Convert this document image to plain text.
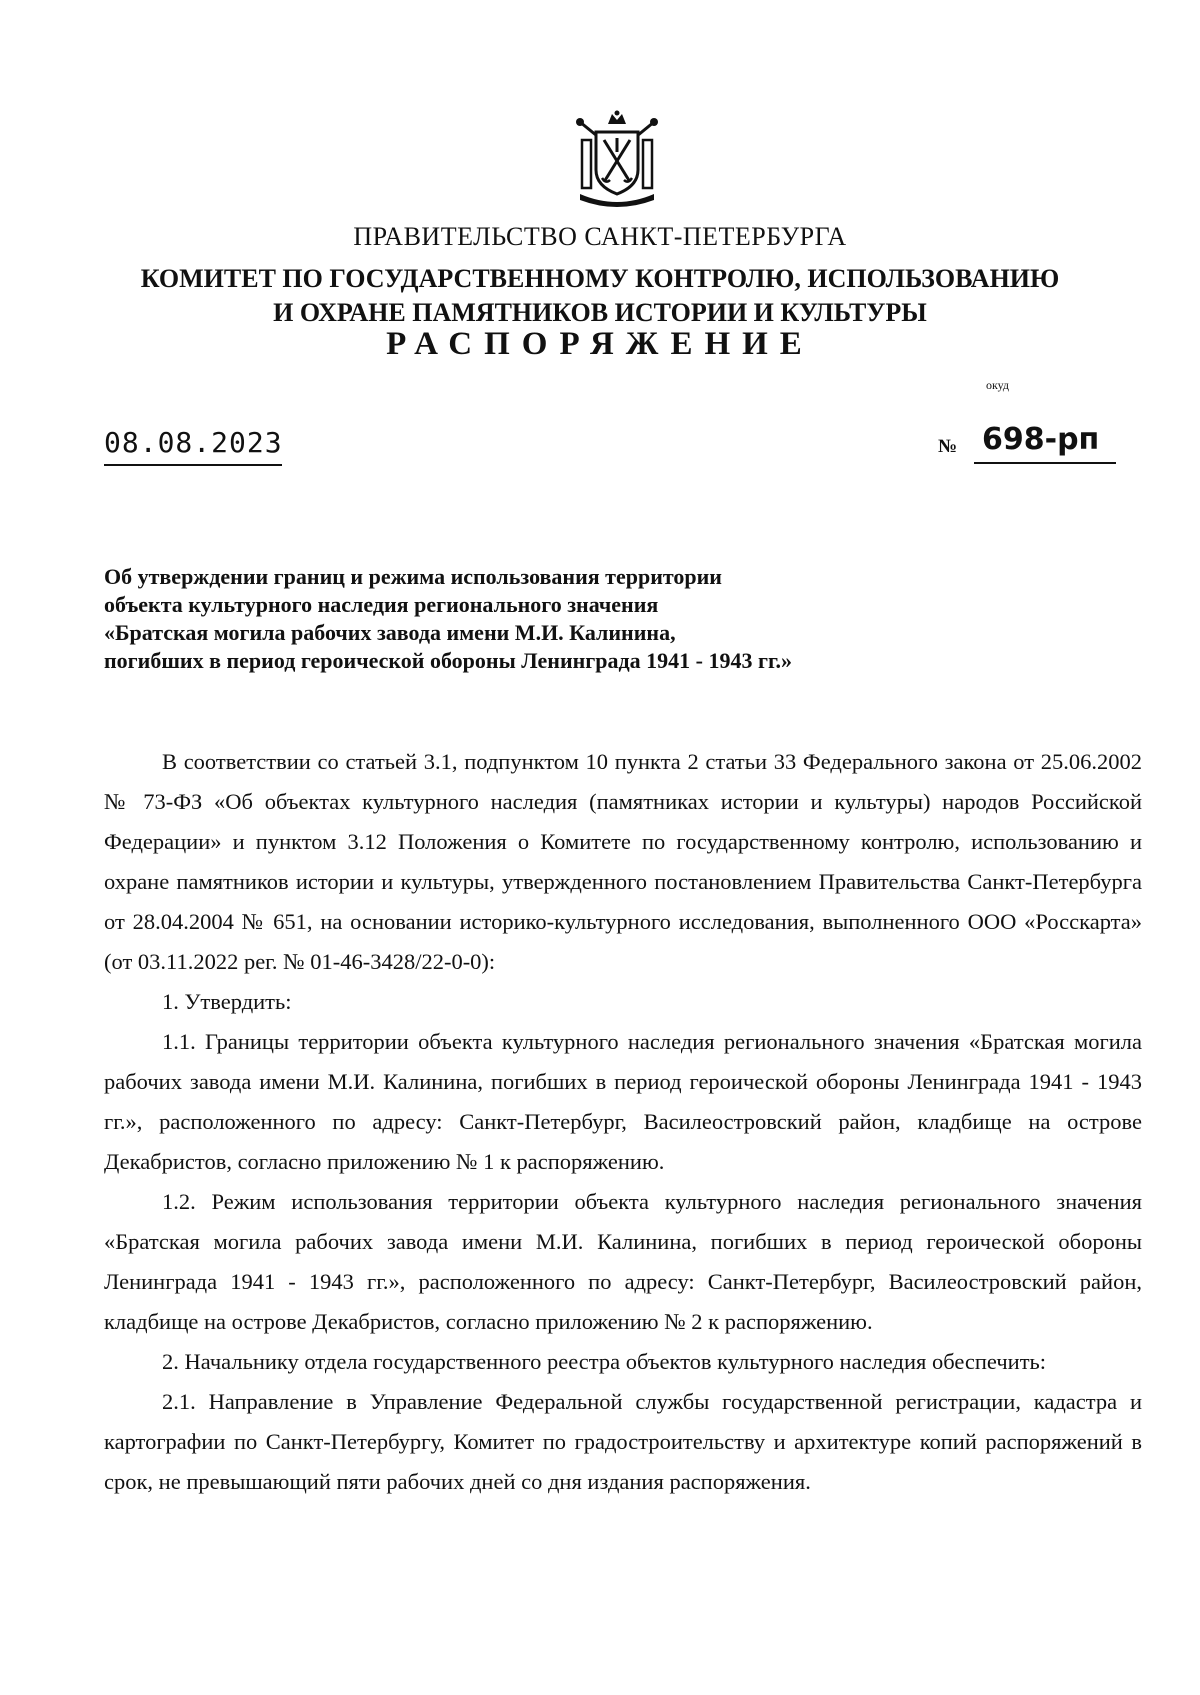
ПРАВИТЕЛЬСТВО САНКТ-ПЕТЕРБУРГА
КОМИТЕТ ПО ГОСУДАРСТВЕННОМУ КОНТРОЛЮ, ИСПОЛЬЗОВАНИЮ
И ОХРАНЕ ПАМЯТНИКОВ ИСТОРИИ И КУЛЬТУРЫ
РАСПОРЯЖЕНИЕ
окуд
08.08.2023	№ 698-рп
Об утверждении границ и режима использования территории
объекта культурного наследия регионального значения
«Братская могила рабочих завода имени М.И. Калинина,
погибших в период героической обороны Ленинграда 1941 - 1943 гг.»

В соответствии со статьей 3.1, подпунктом 10 пункта 2 статьи 33 Федерального закона от 25.06.2002 № 73-ФЗ «Об объектах культурного наследия (памятниках истории и культуры) народов Российской Федерации» и пунктом 3.12 Положения о Комитете по государственному контролю, использованию и охране памятников истории и культуры, утвержденного постановлением Правительства Санкт-Петербурга от 28.04.2004 № 651, на основании историко-культурного исследования, выполненного ООО «Росскарта» (от 03.11.2022 рег. № 01-46-3428/22-0-0):

1. Утвердить:

1.1. Границы территории объекта культурного наследия регионального значения «Братская могила рабочих завода имени М.И. Калинина, погибших в период героической обороны Ленинграда 1941 - 1943 гг.», расположенного по адресу: Санкт-Петербург, Василеостровский район, кладбище на острове Декабристов, согласно приложению № 1 к распоряжению.

1.2. Режим использования территории объекта культурного наследия регионального значения «Братская могила рабочих завода имени М.И. Калинина, погибших в период героической обороны Ленинграда 1941 - 1943 гг.», расположенного по адресу: Санкт-Петербург, Василеостровский район, кладбище на острове Декабристов, согласно приложению № 2 к распоряжению.

2. Начальнику отдела государственного реестра объектов культурного наследия обеспечить:

2.1. Направление в Управление Федеральной службы государственной регистрации, кадастра и картографии по Санкт-Петербургу, Комитет по градостроительству и архитектуре копий распоряжений в срок, не превышающий пяти рабочих дней со дня издания распоряжения.
